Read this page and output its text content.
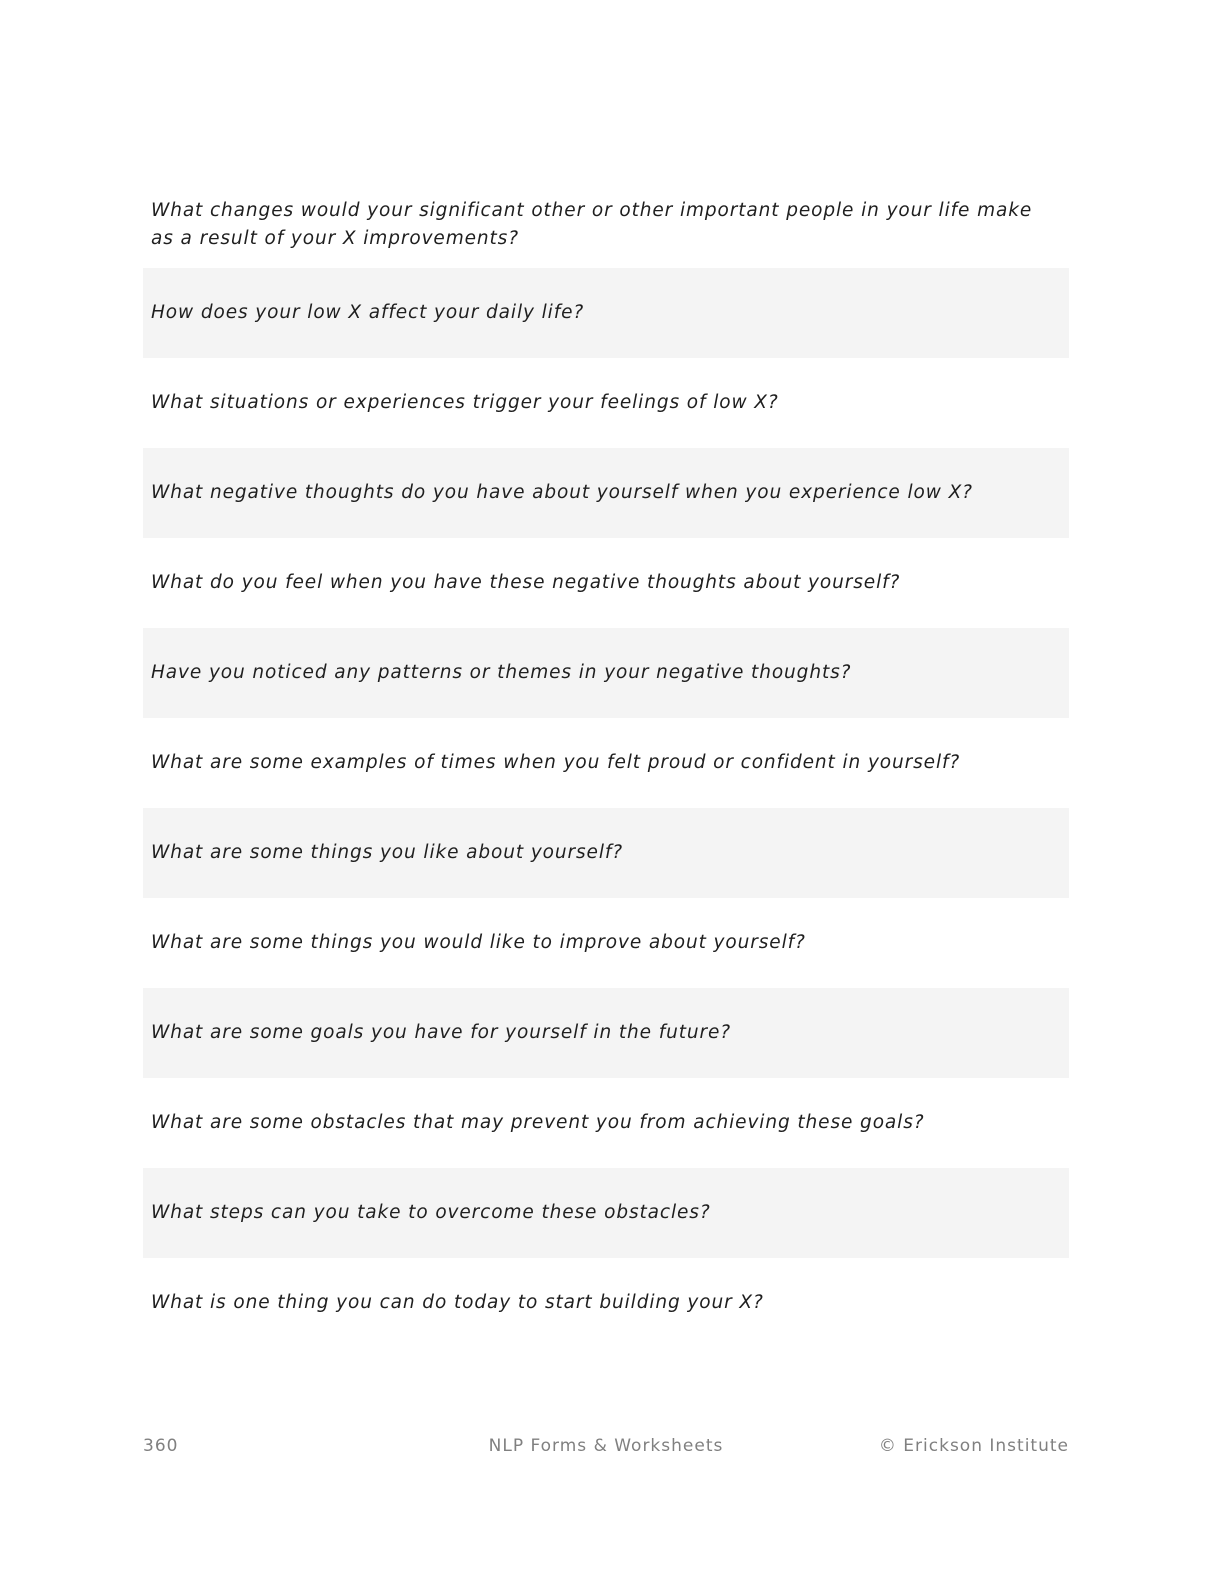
What changes would your significant other or other important people in your life make as a result of your X improvements?
How does your low X affect your daily life?
What situations or experiences trigger your feelings of low X?
What negative thoughts do you have about yourself when you experience low X?
What do you feel when you have these negative thoughts about yourself?
Have you noticed any patterns or themes in your negative thoughts?
What are some examples of times when you felt proud or confident in yourself?
What are some things you like about yourself?
What are some things you would like to improve about yourself?
What are some goals you have for yourself in the future?
What are some obstacles that may prevent you from achieving these goals?
What steps can you take to overcome these obstacles?
What is one thing you can do today to start building your X?
360	NLP Forms & Worksheets	© Erickson Institute
